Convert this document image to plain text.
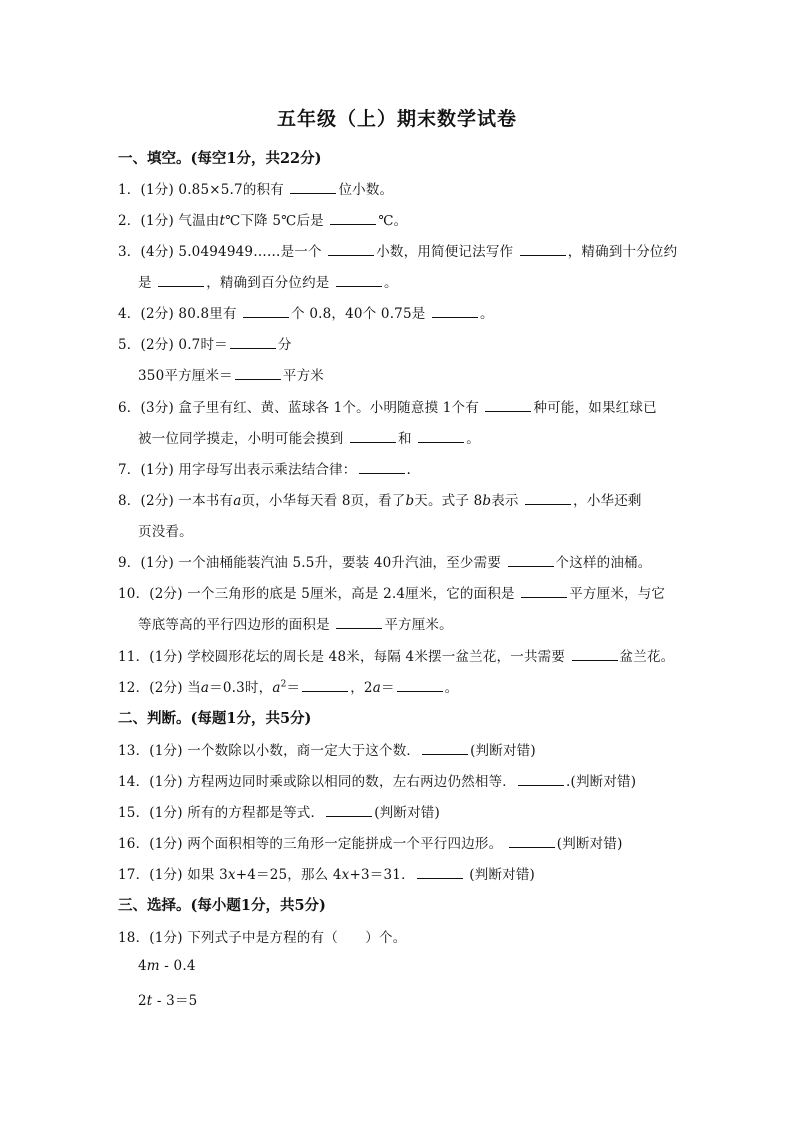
五年级（上）期末数学试卷
一、填空。(每空1分，共22分)
1．(1分) 0.85×5.7的积有	位小数。
2．(1分) 气温由t℃下降 5℃后是	℃。
3．(4分) 5.0494949……是一个	小数，用简便记法写作	，精确到十分位约
是	，精确到百分位约是	。
4．(2分) 80.8里有	个 0.8，40个 0.75是	。
5．(2分) 0.7时＝	分
350平方厘米＝	平方米
6．(3分) 盒子里有红、黄、蓝球各 1个。小明随意摸 1个有	种可能，如果红球已
被一位同学摸走，小明可能会摸到	和	。
7．(1分) 用字母写出表示乘法结合律：	.
8．(2分) 一本书有a页，小华每天看 8页，看了b天。式子 8b表示	，小华还剩
页没看。
9．(1分) 一个油桶能装汽油 5.5升，要装 40升汽油，至少需要	个这样的油桶。
10．(2分) 一个三角形的底是 5厘米，高是 2.4厘米，它的面积是	平方厘米，与它
等底等高的平行四边形的面积是	平方厘米。
11．(1分) 学校圆形花坛的周长是 48米，每隔 4米摆一盆兰花，一共需要	盆兰花。
12．(2分) 当a＝0.3时，$a^2=$	，2a＝	。
二、判断。(每题1分，共5分)
13．(1分) 一个数除以小数，商一定大于这个数．	(判断对错)
14．(1分) 方程两边同时乘或除以相同的数，左右两边仍然相等．	.(判断对错)
15．(1分) 所有的方程都是等式．	(判断对错)
16．(1分) 两个面积相等的三角形一定能拼成一个平行四边形。	(判断对错)
17．(1分) 如果 3x+4＝25，那么 4x+3＝31．	(判断对错)
三、选择。(每小题1分，共5分)
18．(1分) 下列式子中是方程的有（　　）个。
4m - 0.4
2t - 3＝5
